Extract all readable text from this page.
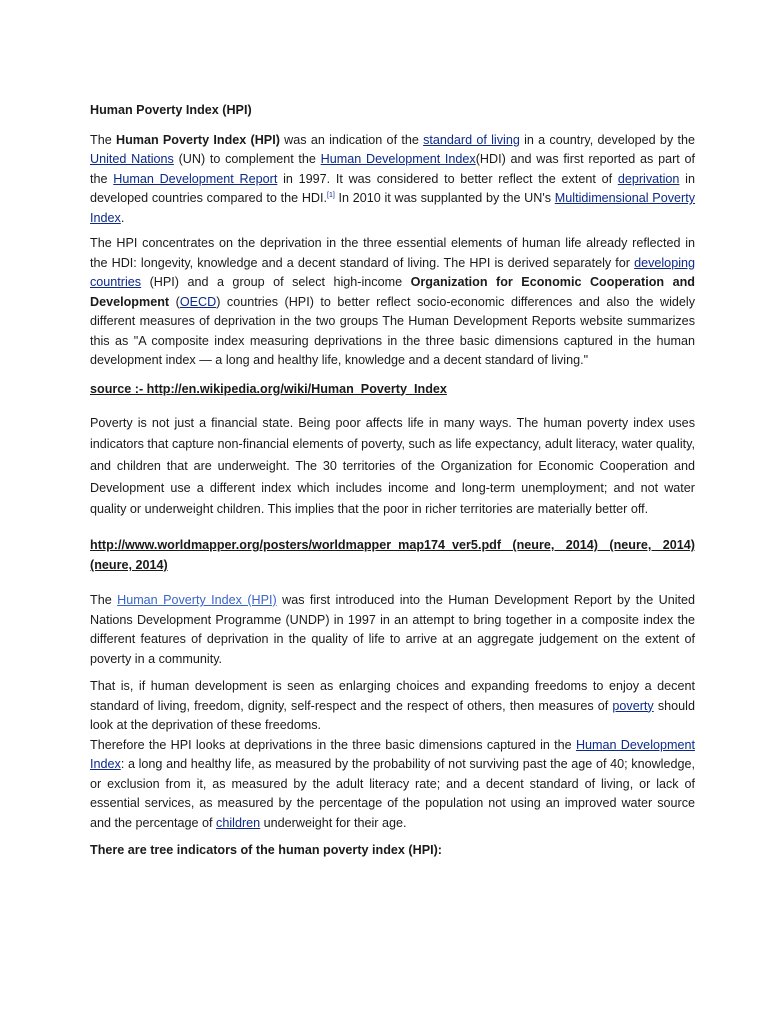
Human Poverty Index (HPI)

The Human Poverty Index (HPI) was an indication of the standard of living in a country, developed by the United Nations (UN) to complement the Human Development Index(HDI) and was first reported as part of the Human Development Report in 1997. It was considered to better reflect the extent of deprivation in developed countries compared to the HDI.[1] In 2010 it was supplanted by the UN's Multidimensional Poverty Index.

The HPI concentrates on the deprivation in the three essential elements of human life already reflected in the HDI: longevity, knowledge and a decent standard of living. The HPI is derived separately for developing countries (HPI) and a group of select high-income Organization for Economic Cooperation and Development (OECD) countries (HPI) to better reflect socio-economic differences and also the widely different measures of deprivation in the two groups The Human Development Reports website summarizes this as "A composite index measuring deprivations in the three basic dimensions captured in the human development index — a long and healthy life, knowledge and a decent standard of living."

source :- http://en.wikipedia.org/wiki/Human_Poverty_Index

Poverty is not just a financial state. Being poor affects life in many ways. The human poverty index uses indicators that capture non-financial elements of poverty, such as life expectancy, adult literacy, water quality, and children that are underweight. The 30 territories of the Organization for Economic Cooperation and Development use a different index which includes income and long-term unemployment; and not water quality or underweight children. This implies that the poor in richer territories are materially better off.

http://www.worldmapper.org/posters/worldmapper_map174_ver5.pdf (neure, 2014) (neure, 2014) (neure, 2014)

The Human Poverty Index (HPI) was first introduced into the Human Development Report by the United Nations Development Programme (UNDP) in 1997 in an attempt to bring together in a composite index the different features of deprivation in the quality of life to arrive at an aggregate judgement on the extent of poverty in a community.

That is, if human development is seen as enlarging choices and expanding freedoms to enjoy a decent standard of living, freedom, dignity, self-respect and the respect of others, then measures of poverty should look at the deprivation of these freedoms.

Therefore the HPI looks at deprivations in the three basic dimensions captured in the Human Development Index: a long and healthy life, as measured by the probability of not surviving past the age of 40; knowledge, or exclusion from it, as measured by the adult literacy rate; and a decent standard of living, or lack of essential services, as measured by the percentage of the population not using an improved water source and the percentage of children underweight for their age.

There are tree indicators of the human poverty index (HPI):
